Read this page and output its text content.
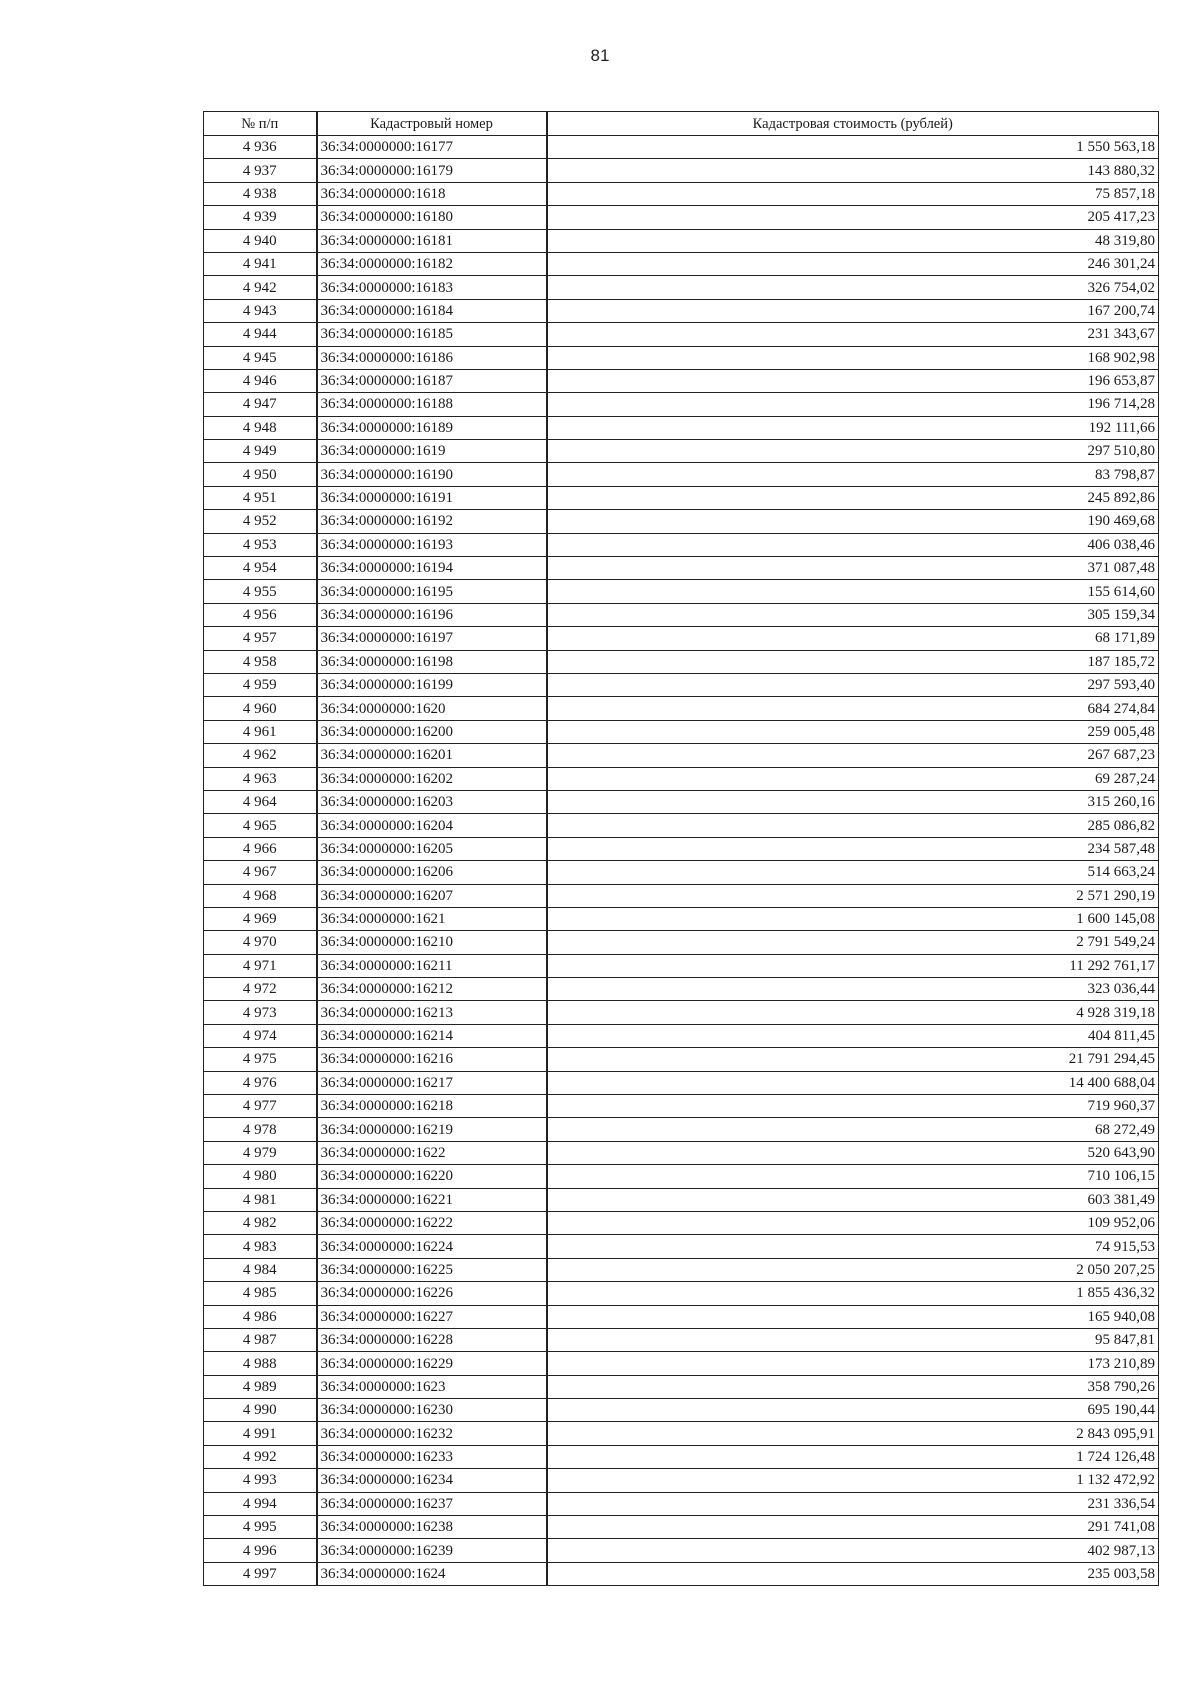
81
№ п/п	Кадастровый номер	Кадастровая стоимость (рублей)
4 936	36:34:0000000:16177	1 550 563,18
4 937	36:34:0000000:16179	143 880,32
4 938	36:34:0000000:1618	75 857,18
4 939	36:34:0000000:16180	205 417,23
4 940	36:34:0000000:16181	48 319,80
4 941	36:34:0000000:16182	246 301,24
4 942	36:34:0000000:16183	326 754,02
4 943	36:34:0000000:16184	167 200,74
4 944	36:34:0000000:16185	231 343,67
4 945	36:34:0000000:16186	168 902,98
4 946	36:34:0000000:16187	196 653,87
4 947	36:34:0000000:16188	196 714,28
4 948	36:34:0000000:16189	192 111,66
4 949	36:34:0000000:1619	297 510,80
4 950	36:34:0000000:16190	83 798,87
4 951	36:34:0000000:16191	245 892,86
4 952	36:34:0000000:16192	190 469,68
4 953	36:34:0000000:16193	406 038,46
4 954	36:34:0000000:16194	371 087,48
4 955	36:34:0000000:16195	155 614,60
4 956	36:34:0000000:16196	305 159,34
4 957	36:34:0000000:16197	68 171,89
4 958	36:34:0000000:16198	187 185,72
4 959	36:34:0000000:16199	297 593,40
4 960	36:34:0000000:1620	684 274,84
4 961	36:34:0000000:16200	259 005,48
4 962	36:34:0000000:16201	267 687,23
4 963	36:34:0000000:16202	69 287,24
4 964	36:34:0000000:16203	315 260,16
4 965	36:34:0000000:16204	285 086,82
4 966	36:34:0000000:16205	234 587,48
4 967	36:34:0000000:16206	514 663,24
4 968	36:34:0000000:16207	2 571 290,19
4 969	36:34:0000000:1621	1 600 145,08
4 970	36:34:0000000:16210	2 791 549,24
4 971	36:34:0000000:16211	11 292 761,17
4 972	36:34:0000000:16212	323 036,44
4 973	36:34:0000000:16213	4 928 319,18
4 974	36:34:0000000:16214	404 811,45
4 975	36:34:0000000:16216	21 791 294,45
4 976	36:34:0000000:16217	14 400 688,04
4 977	36:34:0000000:16218	719 960,37
4 978	36:34:0000000:16219	68 272,49
4 979	36:34:0000000:1622	520 643,90
4 980	36:34:0000000:16220	710 106,15
4 981	36:34:0000000:16221	603 381,49
4 982	36:34:0000000:16222	109 952,06
4 983	36:34:0000000:16224	74 915,53
4 984	36:34:0000000:16225	2 050 207,25
4 985	36:34:0000000:16226	1 855 436,32
4 986	36:34:0000000:16227	165 940,08
4 987	36:34:0000000:16228	95 847,81
4 988	36:34:0000000:16229	173 210,89
4 989	36:34:0000000:1623	358 790,26
4 990	36:34:0000000:16230	695 190,44
4 991	36:34:0000000:16232	2 843 095,91
4 992	36:34:0000000:16233	1 724 126,48
4 993	36:34:0000000:16234	1 132 472,92
4 994	36:34:0000000:16237	231 336,54
4 995	36:34:0000000:16238	291 741,08
4 996	36:34:0000000:16239	402 987,13
4 997	36:34:0000000:1624	235 003,58
